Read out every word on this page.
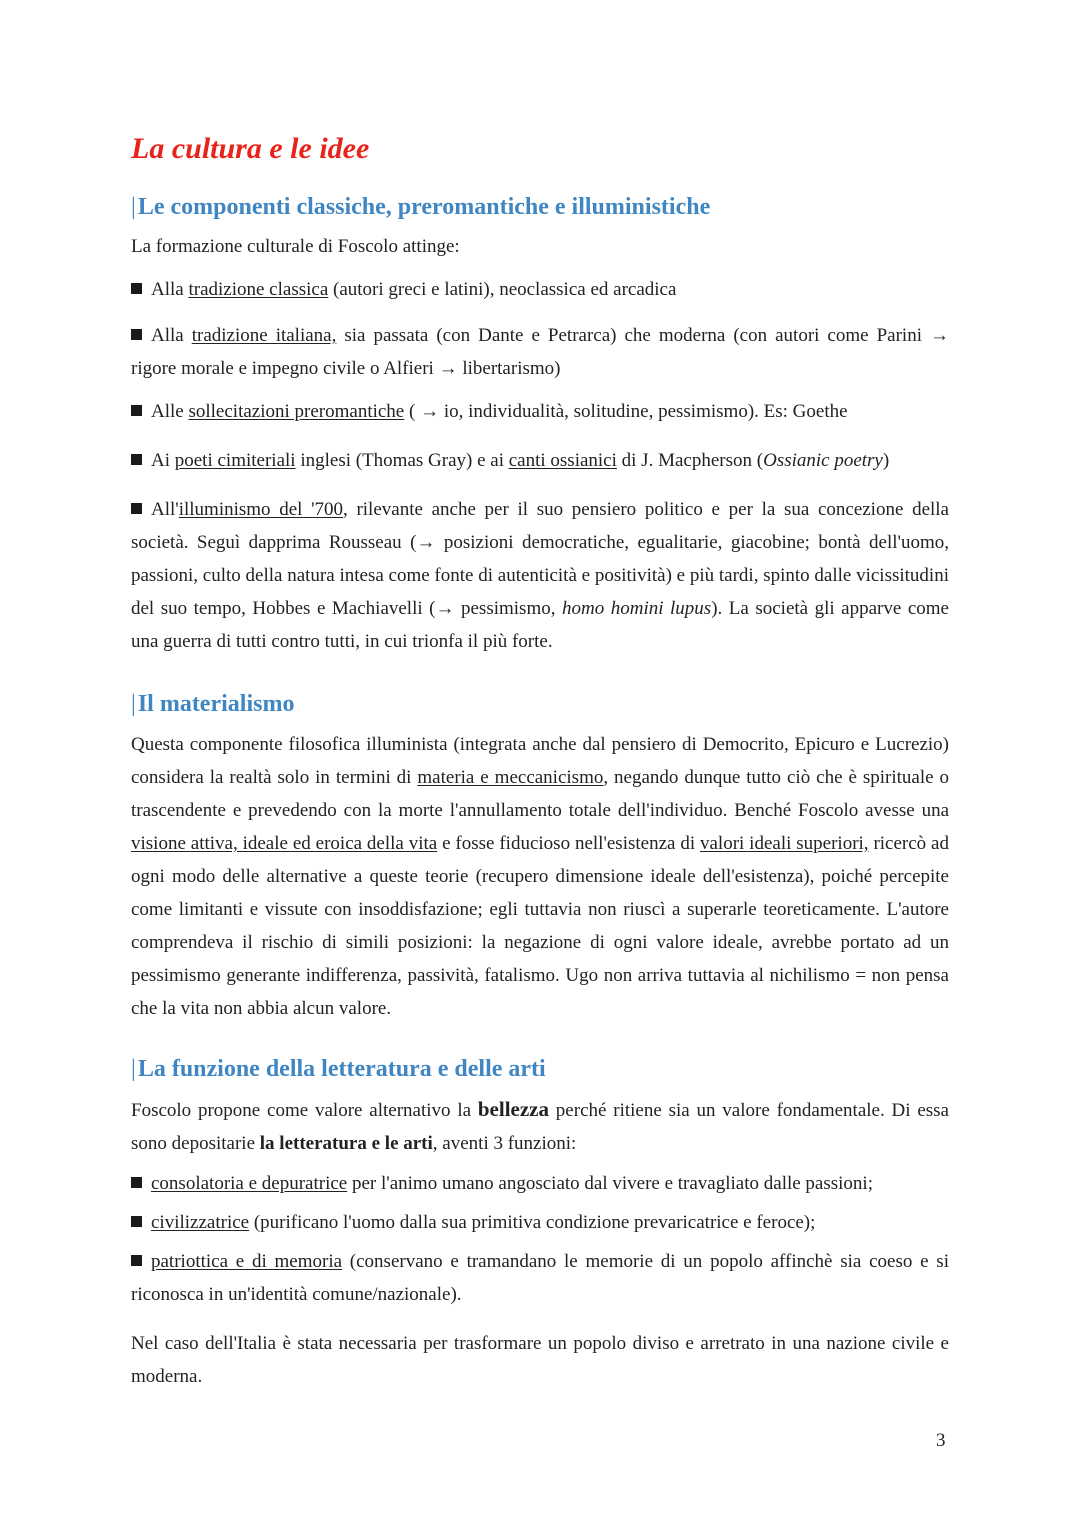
La cultura e le idee
|Le componenti classiche, preromantiche e illuministiche

La formazione culturale di Foscolo attinge:

Alla tradizione classica (autori greci e latini), neoclassica ed arcadica

Alla tradizione italiana, sia passata (con Dante e Petrarca) che moderna (con autori come Parini → rigore morale e impegno civile o Alfieri → libertarismo)

Alle sollecitazioni preromantiche ( → io, individualità, solitudine, pessimismo). Es: Goethe

Ai poeti cimiteriali inglesi (Thomas Gray) e ai canti ossianici di J. Macpherson (Ossianic poetry)

All'illuminismo del '700, rilevante anche per il suo pensiero politico e per la sua concezione della società. Seguì dapprima Rousseau (→ posizioni democratiche, egualitarie, giacobine; bontà dell'uomo, passioni, culto della natura intesa come fonte di autenticità e positività) e più tardi, spinto dalle vicissitudini del suo tempo, Hobbes e Machiavelli (→ pessimismo, homo homini lupus). La società gli apparve come una guerra di tutti contro tutti, in cui trionfa il più forte.

|Il materialismo

Questa componente filosofica illuminista (integrata anche dal pensiero di Democrito, Epicuro e Lucrezio) considera la realtà solo in termini di materia e meccanicismo, negando dunque tutto ciò che è spirituale o trascendente e prevedendo con la morte l'annullamento totale dell'individuo. Benché Foscolo avesse una visione attiva, ideale ed eroica della vita e fosse fiducioso nell'esistenza di valori ideali superiori, ricercò ad ogni modo delle alternative a queste teorie (recupero dimensione ideale dell'esistenza), poiché percepite come limitanti e vissute con insoddisfazione; egli tuttavia non riuscì a superarle teoreticamente. L'autore comprendeva il rischio di simili posizioni: la negazione di ogni valore ideale, avrebbe portato ad un pessimismo generante indifferenza, passività, fatalismo. Ugo non arriva tuttavia al nichilismo = non pensa che la vita non abbia alcun valore.

|La funzione della letteratura e delle arti

Foscolo propone come valore alternativo la bellezza perché ritiene sia un valore fondamentale. Di essa sono depositarie la letteratura e le arti, aventi 3 funzioni:

consolatoria e depuratrice per l'animo umano angosciato dal vivere e travagliato dalle passioni;

civilizzatrice (purificano l'uomo dalla sua primitiva condizione prevaricatrice e feroce);

patriottica e di memoria (conservano e tramandano le memorie di un popolo affinchè sia coeso e si riconosca in un'identità comune/nazionale).

Nel caso dell'Italia è stata necessaria per trasformare un popolo diviso e arretrato in una nazione civile e moderna.

3
